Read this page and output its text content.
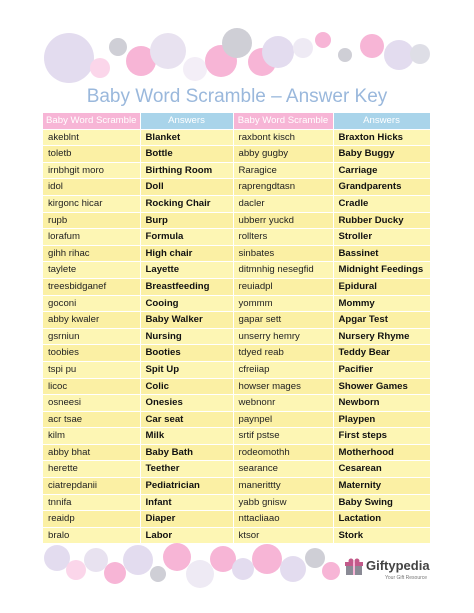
Baby Word Scramble – Answer Key
Baby Word Scramble	Answers	Baby Word Scramble	Answers
akeblnt	Blanket	raxbont kisch	Braxton Hicks
toletb	Bottle	abby gugby	Baby Buggy
irnbhgit moro	Birthing Room	Raragice	Carriage
idol	Doll	raprengdtasn	Grandparents
kirgonc hicar	Rocking Chair	dacler	Cradle
rupb	Burp	ubberr yuckd	Rubber Ducky
lorafum	Formula	rollters	Stroller
gihh rihac	High chair	sinbates	Bassinet
taylete	Layette	ditmnhig nesegfid	Midnight Feedings
treesbidganef	Breastfeeding	reuiadpl	Epidural
goconi	Cooing	yommm	Mommy
abby kwaler	Baby Walker	gapar sett	Apgar Test
gsrniun	Nursing	unserry hemry	Nursery Rhyme
toobies	Booties	tdyed reab	Teddy Bear
tspi pu	Spit Up	cfreiiap	Pacifier
licoc	Colic	howser mages	Shower Games
osneesi	Onesies	webnonr	Newborn
acr tsae	Car seat	paynpel	Playpen
kilm	Milk	srtif pstse	First steps
abby bhat	Baby Bath	rodeomothh	Motherhood
herette	Teether	searance	Cesarean
ciatrepdanii	Pediatrician	manerittty	Maternity
tnnifa	Infant	yabb gnisw	Baby Swing
reaidp	Diaper	nttacliaao	Lactation
bralo	Labor	ktsor	Stork
Giftypedia
Your Gift Resource
